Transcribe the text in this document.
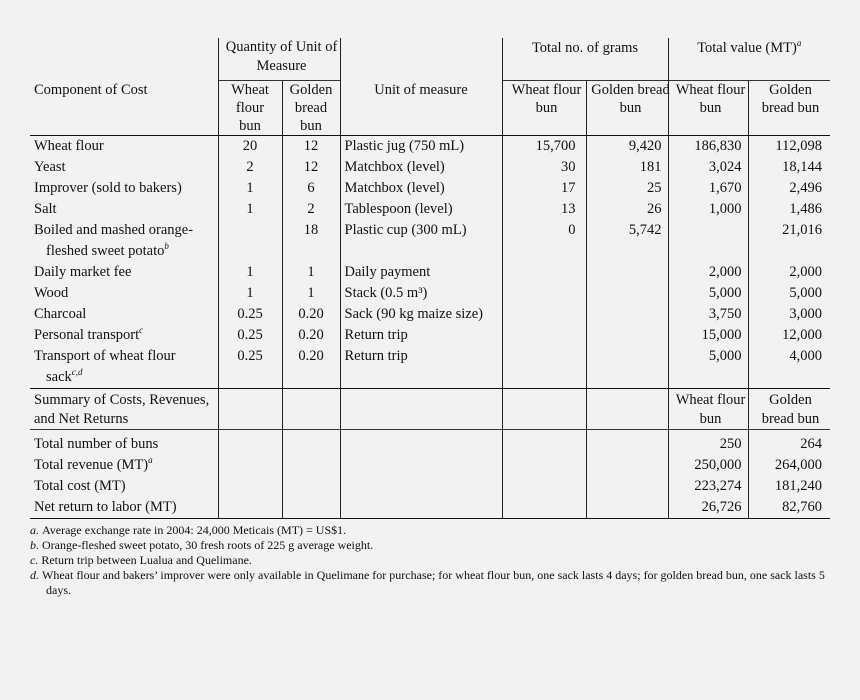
	Quantity of Unit of Measure			Total no. of grams		Total value (MT)$^a$
Component of Cost	Wheat flour bun	Golden bread bun	Unit of measure	Wheat flour bun	Golden bread bun	Wheat flour bun	Golden bread bun
Wheat flour	20	12	Plastic jug (750 mL)	15,700	9,420	186,830	112,098
Yeast	2	12	Matchbox (level)	30	181	3,024	18,144
Improver (sold to bakers)	1	6	Matchbox (level)	17	25	1,670	2,496
Salt	1	2	Tablespoon (level)	13	26	1,000	1,486
Boiled and mashed orange-
fleshed sweet potato$^b$		18	Plastic cup (300 mL)	0	5,742		21,016
Daily market fee	1	1	Daily payment			2,000	2,000
Wood	1	1	Stack (0.5 m³)			5,000	5,000
Charcoal	0.25	0.20	Sack (90 kg maize size)			3,750	3,000
Personal transport$^c$	0.25	0.20	Return trip			15,000	12,000
Transport of wheat flour
sack$^{c,d}$	0.25	0.20	Return trip			5,000	4,000
Summary of Costs, Revenues, and Net Returns						Wheat flour bun	Golden bread bun
Total number of buns						250	264
Total revenue (MT)$^a$						250,000	264,000
Total cost (MT)						223,274	181,240
Net return to labor (MT)						26,726	82,760
a. Average exchange rate in 2004: 24,000 Meticais (MT) = US$1.
b. Orange-fleshed sweet potato, 30 fresh roots of 225 g average weight.
c. Return trip between Lualua and Quelimane.
d. Wheat flour and bakers’ improver were only available in Quelimane for purchase; for wheat flour bun, one sack lasts 4 days; for golden bread bun, one sack lasts 5 days.
